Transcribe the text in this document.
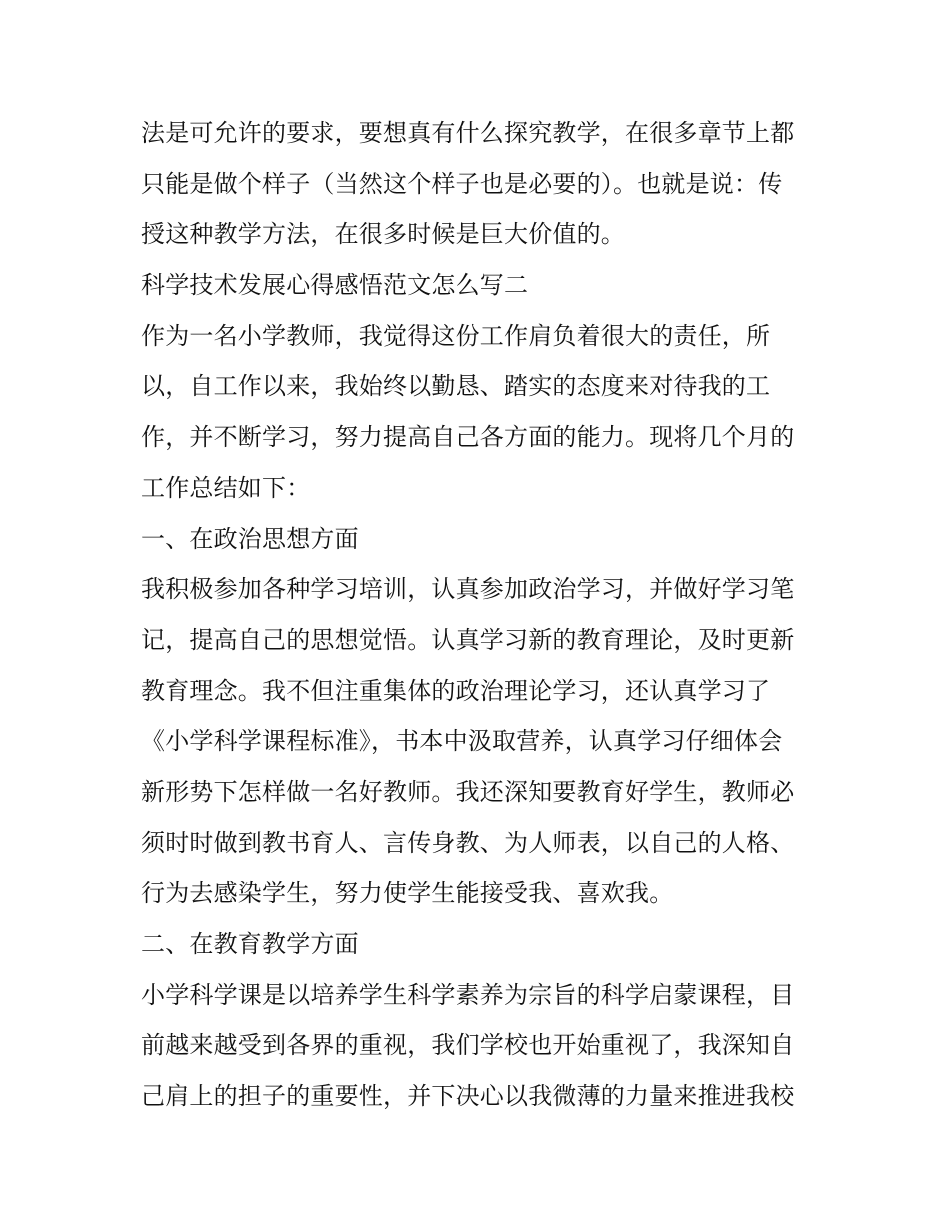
法是可允许的要求，要想真有什么探究教学，在很多章节上都
只能是做个样子（当然这个样子也是必要的）。也就是说：传
授这种教学方法，在很多时候是巨大价值的。
科学技术发展心得感悟范文怎么写二
作为一名小学教师，我觉得这份工作肩负着很大的责任，所
以，自工作以来，我始终以勤恳、踏实的态度来对待我的工
作，并不断学习，努力提高自己各方面的能力。现将几个月的
工作总结如下：
一、在政治思想方面
我积极参加各种学习培训，认真参加政治学习，并做好学习笔
记，提高自己的思想觉悟。认真学习新的教育理论，及时更新
教育理念。我不但注重集体的政治理论学习，还认真学习了
《小学科学课程标准》，书本中汲取营养，认真学习仔细体会
新形势下怎样做一名好教师。我还深知要教育好学生，教师必
须时时做到教书育人、言传身教、为人师表，以自己的人格、
行为去感染学生，努力使学生能接受我、喜欢我。
二、在教育教学方面
小学科学课是以培养学生科学素养为宗旨的科学启蒙课程，目
前越来越受到各界的重视，我们学校也开始重视了，我深知自
己肩上的担子的重要性，并下决心以我微薄的力量来推进我校
